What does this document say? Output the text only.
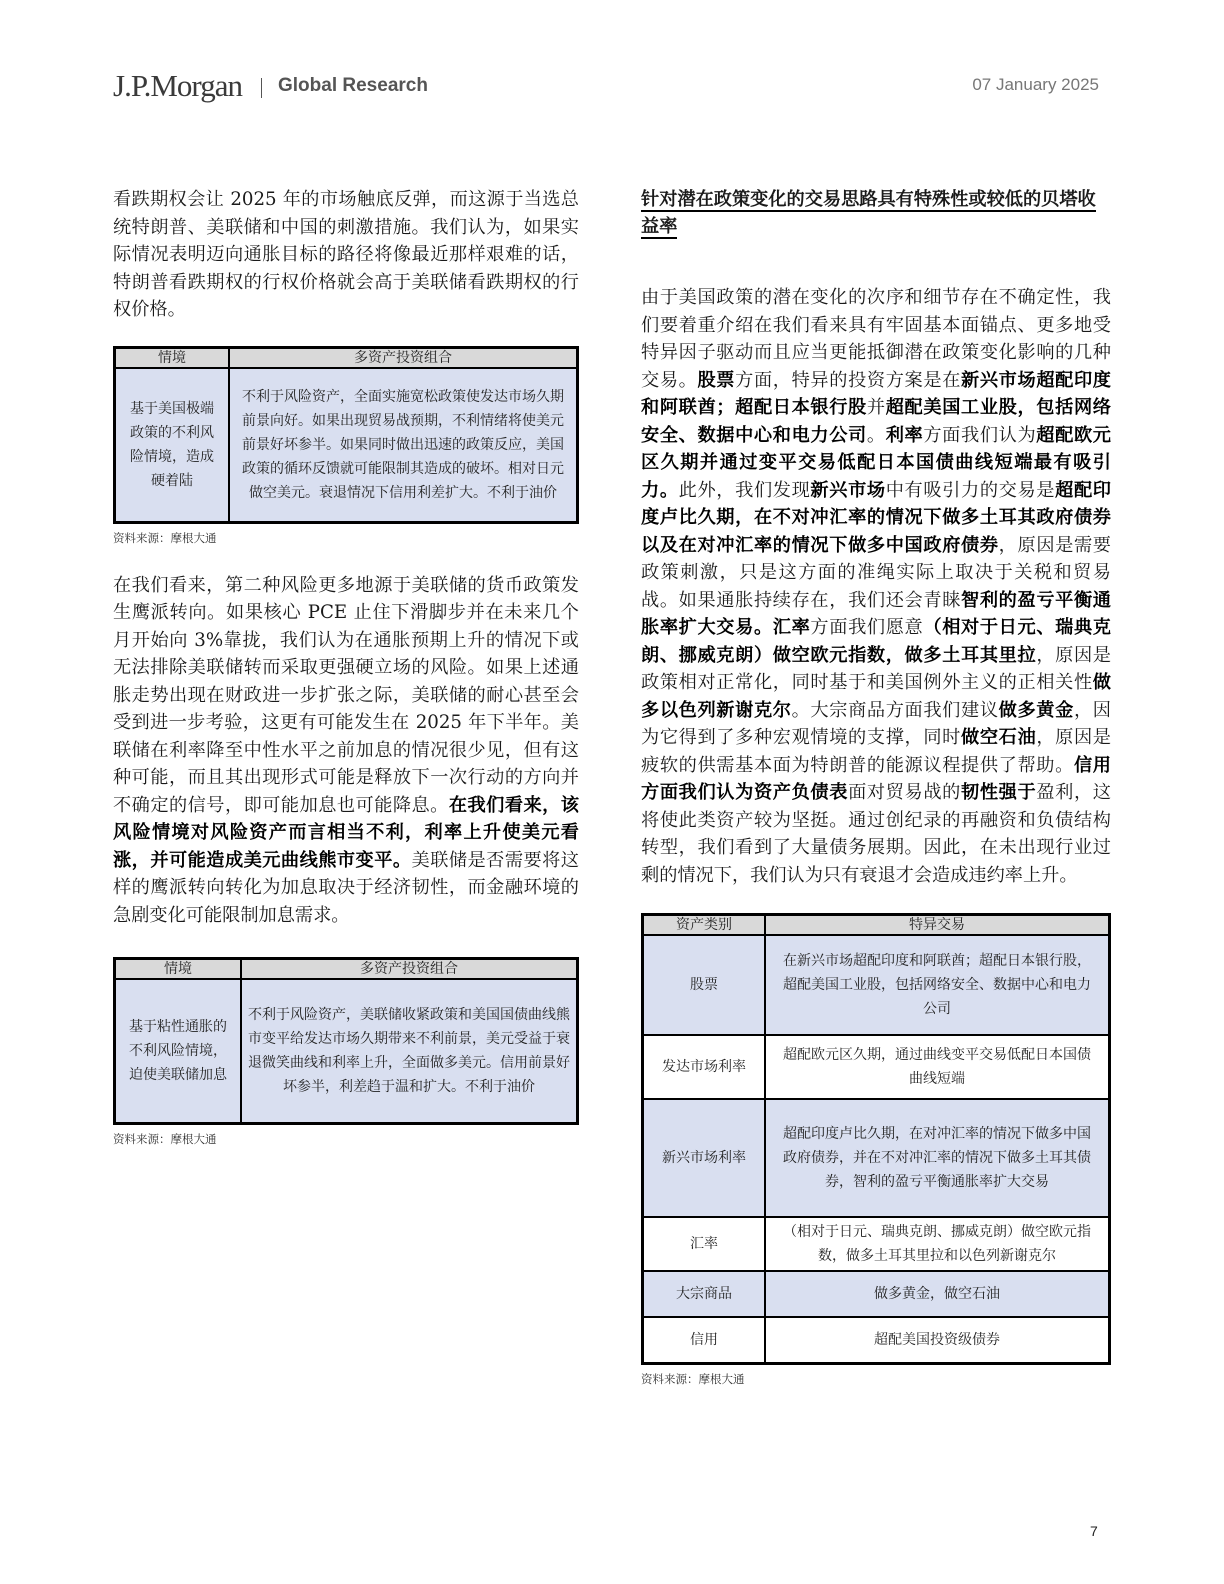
J.P.Morgan Global Research	07 January 2025

看跌期权会让 2025 年的市场触底反弹，而这源于当选总统特朗普、美联储和中国的刺激措施。我们认为，如果实际情况表明迈向通胀目标的路径将像最近那样艰难的话，特朗普看跌期权的行权价格就会高于美联储看跌期权的行权价格。

情境	多资产投资组合
基于美国极端政策的不利风险情境，造成硬着陆	不利于风险资产，全面实施宽松政策使发达市场久期前景向好。如果出现贸易战预期，不利情绪将使美元前景好坏参半。如果同时做出迅速的政策反应，美国政策的循环反馈就可能限制其造成的破坏。相对日元做空美元。衰退情况下信用利差扩大。不利于油价
资料来源：摩根大通

在我们看来，第二种风险更多地源于美联储的货币政策发生鹰派转向。如果核心 PCE 止住下滑脚步并在未来几个月开始向 3%靠拢，我们认为在通胀预期上升的情况下或无法排除美联储转而采取更强硬立场的风险。如果上述通胀走势出现在财政进一步扩张之际，美联储的耐心甚至会受到进一步考验，这更有可能发生在 2025 年下半年。美联储在利率降至中性水平之前加息的情况很少见，但有这种可能，而且其出现形式可能是释放下一次行动的方向并不确定的信号，即可能加息也可能降息。在我们看来，该风险情境对风险资产而言相当不利，利率上升使美元看涨，并可能造成美元曲线熊市变平。美联储是否需要将这样的鹰派转向转化为加息取决于经济韧性，而金融环境的急剧变化可能限制加息需求。

情境	多资产投资组合
基于粘性通胀的不利风险情境，迫使美联储加息	不利于风险资产，美联储收紧政策和美国国债曲线熊市变平给发达市场久期带来不利前景，美元受益于衰退微笑曲线和利率上升，全面做多美元。信用前景好坏参半，利差趋于温和扩大。不利于油价
资料来源：摩根大通
针对潜在政策变化的交易思路具有特殊性或较低的贝塔收益率

由于美国政策的潜在变化的次序和细节存在不确定性，我们要着重介绍在我们看来具有牢固基本面锚点、更多地受特异因子驱动而且应当更能抵御潜在政策变化影响的几种交易。股票方面，特异的投资方案是在新兴市场超配印度和阿联酋；超配日本银行股并超配美国工业股，包括网络安全、数据中心和电力公司。利率方面我们认为超配欧元区久期并通过变平交易低配日本国债曲线短端最有吸引力。此外，我们发现新兴市场中有吸引力的交易是超配印度卢比久期，在不对冲汇率的情况下做多土耳其政府债券以及在对冲汇率的情况下做多中国政府债券，原因是需要政策刺激，只是这方面的准绳实际上取决于关税和贸易战。如果通胀持续存在，我们还会青睐智利的盈亏平衡通胀率扩大交易。汇率方面我们愿意（相对于日元、瑞典克朗、挪威克朗）做空欧元指数，做多土耳其里拉，原因是政策相对正常化，同时基于和美国例外主义的正相关性做多以色列新谢克尔。大宗商品方面我们建议做多黄金，因为它得到了多种宏观情境的支撑，同时做空石油，原因是疲软的供需基本面为特朗普的能源议程提供了帮助。信用方面我们认为资产负债表面对贸易战的韧性强于盈利，这将使此类资产较为坚挺。通过创纪录的再融资和负债结构转型，我们看到了大量债务展期。因此，在未出现行业过剩的情况下，我们认为只有衰退才会造成违约率上升。

资产类别	特异交易
股票	在新兴市场超配印度和阿联酋；超配日本银行股，超配美国工业股，包括网络安全、数据中心和电力公司
发达市场利率	超配欧元区久期，通过曲线变平交易低配日本国债曲线短端
新兴市场利率	超配印度卢比久期，在对冲汇率的情况下做多中国政府债券，并在不对冲汇率的情况下做多土耳其债券，智利的盈亏平衡通胀率扩大交易
汇率	（相对于日元、瑞典克朗、挪威克朗）做空欧元指数，做多土耳其里拉和以色列新谢克尔
大宗商品	做多黄金，做空石油
信用	超配美国投资级债券
资料来源：摩根大通
7
